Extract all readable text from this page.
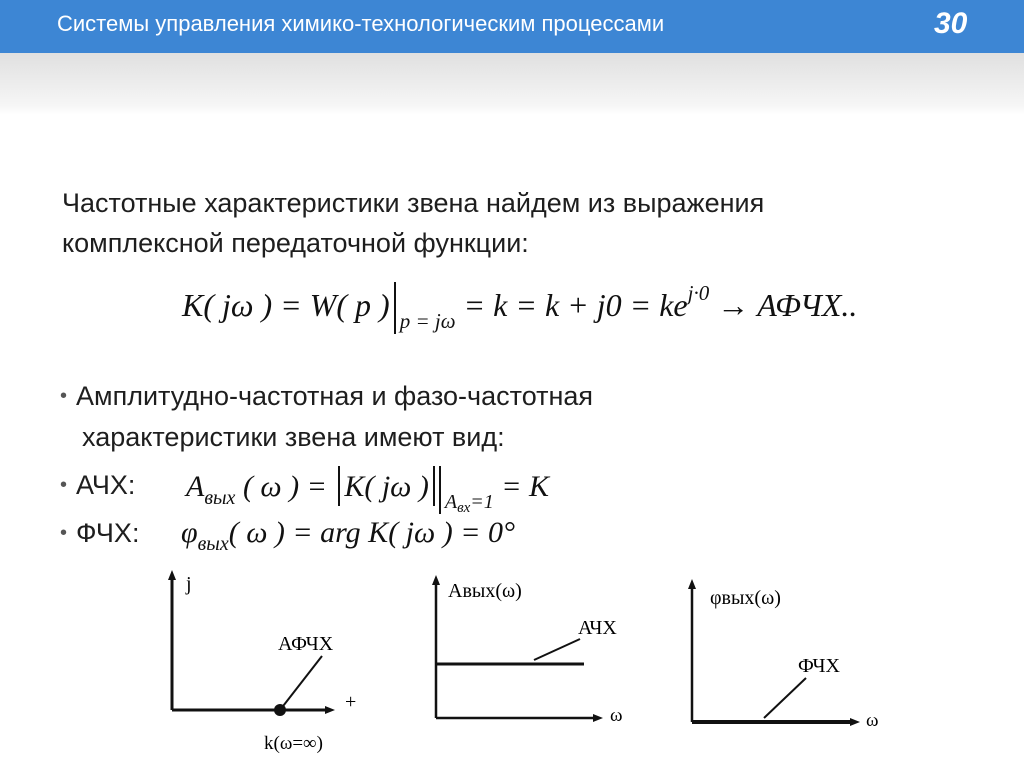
Системы управления химико-технологическим процессами	30
Частотные характеристики звена найдем из выражения
комплексной передаточной функции:
K( jω ) = W( p ) $_{p = j\omega} = k = k + j0 = ke^{j\cdot 0}$ → АФЧХ..
• Амплитудно-частотная и фазо-частотная
характеристики звена имеют вид:
• АЧХ:
• ФЧХ:
$A_{вых}$ ( ω ) = K( jω ) $_{Aвх=1}$ = K
$\varphi_{вых}$( ω ) = arg K( jω ) = 0°
j
+
АФЧХ
k(ω=∞)
Aвых(ω)
ω
АЧХ
φвых(ω)
ω
ФЧХ
